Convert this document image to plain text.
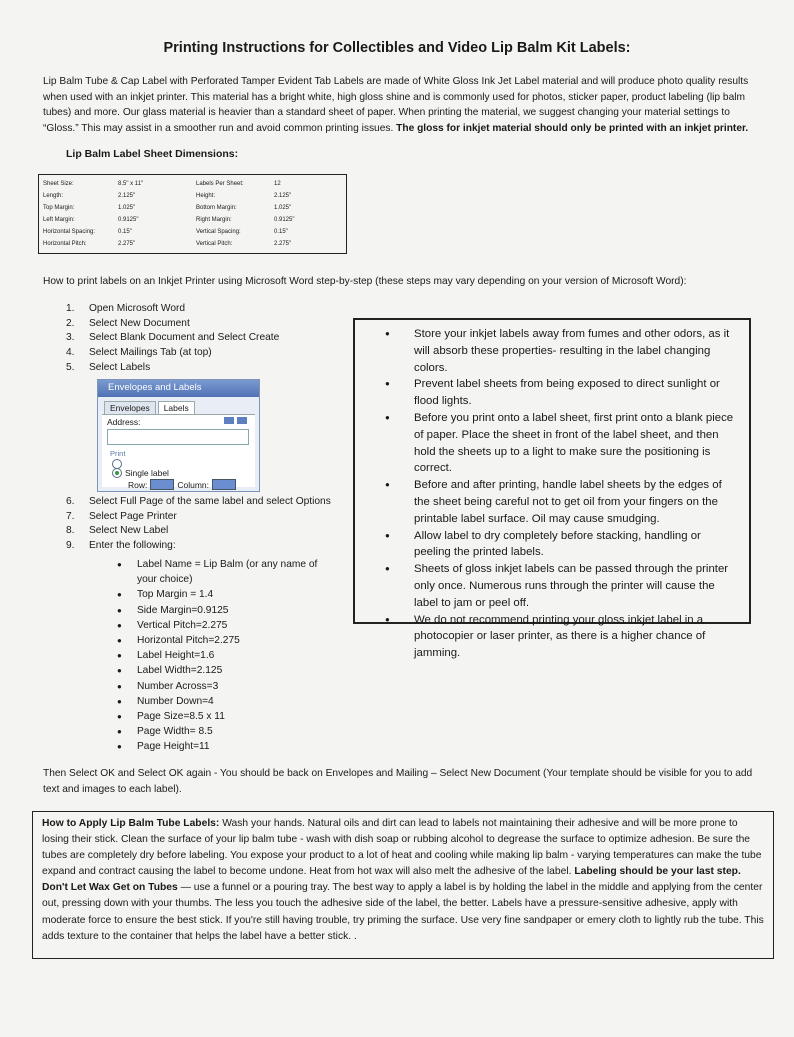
Printing Instructions for Collectibles and Video Lip Balm Kit Labels:
Lip Balm Tube & Cap Label with Perforated Tamper Evident Tab Labels are made of White Gloss Ink Jet Label material and will produce photo quality results when used with an inkjet printer. This material has a bright white, high gloss shine and is commonly used for photos, sticker paper, product labeling (lip balm tubes) and more. Our glass material is heavier than a standard sheet of paper. When printing the material, we suggest changing your material settings to “Gloss.” This may assist in a smoother run and avoid common printing issues. The gloss for inkjet material should only be printed with an inkjet printer.
Lip Balm Label Sheet Dimensions:
Sheet Size:	8.5" x 11"	Labels Per Sheet:	12
Length:	2.125"	Height:	2.125"
Top Margin:	1.025"	Bottom Margin:	1.025"
Left Margin:	0.9125"	Right Margin:	0.9125"
Horizontal Spacing:	0.15"	Vertical Spacing:	0.15"
Horizontal Pitch:	2.275"	Vertical Pitch:	2.275"
How to print labels on an Inkjet Printer using Microsoft Word step-by-step (these steps may vary depending on your version of Microsoft Word):
1.	Open Microsoft Word
2.	Select New Document
3.	Select Blank Document and Select Create
4.	Select Mailings Tab (at top)
5.	Select Labels
Envelopes and Labels
Envelopes	Labels
Address:
Print
Single label
Row:	Column:
6.	Select Full Page of the same label and select Options
7.	Select Page Printer
8.	Select New Label
9.	Enter the following:
●	Label Name = Lip Balm (or any name of your choice)
●	Top Margin = 1.4
●	Side Margin=0.9125
●	Vertical Pitch=2.275
●	Horizontal Pitch=2.275
●	Label Height=1.6
●	Label Width=2.125
●	Number Across=3
●	Number Down=4
●	Page Size=8.5 x 11
●	Page Width= 8.5
●	Page Height=11
●	Store your inkjet labels away from fumes and other odors, as it will absorb these properties- resulting in the label changing colors.
●	Prevent label sheets from being exposed to direct sunlight or flood lights.
●	Before you print onto a label sheet, first print onto a blank piece of paper. Place the sheet in front of the label sheet, and then hold the sheets up to a light to make sure the positioning is correct.
●	Before and after printing, handle label sheets by the edges of the sheet being careful not to get oil from your fingers on the printable label surface. Oil may cause smudging.
●	Allow label to dry completely before stacking, handling or peeling the printed labels.
●	Sheets of gloss inkjet labels can be passed through the printer only once. Numerous runs through the printer will cause the label to jam or peel off.
●	We do not recommend printing your gloss inkjet label in a photocopier or laser printer, as there is a higher chance of jamming.
Then Select OK and Select OK again - You should be back on Envelopes and Mailing – Select New Document (Your template should be visible for you to add text and images to each label).
How to Apply Lip Balm Tube Labels: Wash your hands. Natural oils and dirt can lead to labels not maintaining their adhesive and will be more prone to losing their stick. Clean the surface of your lip balm tube - wash with dish soap or rubbing alcohol to degrease the surface to optimize adhesion. Be sure the tubes are completely dry before labeling. You expose your product to a lot of heat and cooling while making lip balm - varying temperatures can make the tube expand and contract causing the label to become undone. Heat from hot wax will also melt the adhesive of the label. Labeling should be your last step. Don't Let Wax Get on Tubes — use a funnel or a pouring tray. The best way to apply a label is by holding the label in the middle and applying from the center out, pressing down with your thumbs. The less you touch the adhesive side of the label, the better. Labels have a pressure-sensitive adhesive, apply with moderate force to ensure the best stick. If you're still having trouble, try priming the surface. Use very fine sandpaper or emery cloth to lightly rub the tube. This adds texture to the container that helps the label have a better stick. .
